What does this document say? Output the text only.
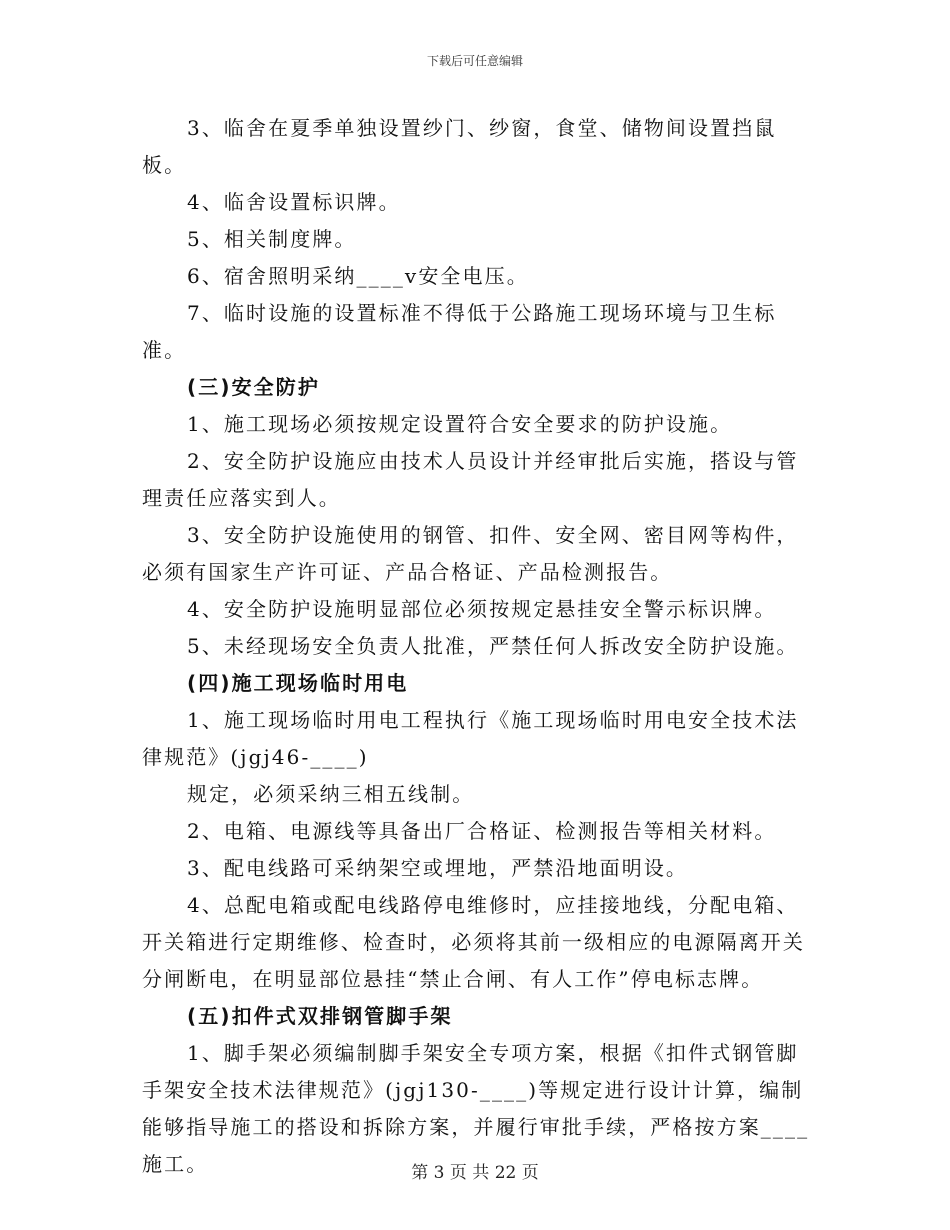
下载后可任意编辑

3、临舍在夏季单独设置纱门、纱窗，食堂、储物间设置挡鼠板。

4、临舍设置标识牌。

5、相关制度牌。

6、宿舍照明采纳____v安全电压。

7、临时设施的设置标准不得低于公路施工现场环境与卫生标准。

(三)安全防护

1、施工现场必须按规定设置符合安全要求的防护设施。

2、安全防护设施应由技术人员设计并经审批后实施，搭设与管理责任应落实到人。

3、安全防护设施使用的钢管、扣件、安全网、密目网等构件，必须有国家生产许可证、产品合格证、产品检测报告。

4、安全防护设施明显部位必须按规定悬挂安全警示标识牌。

5、未经现场安全负责人批准，严禁任何人拆改安全防护设施。

(四)施工现场临时用电

1、施工现场临时用电工程执行《施工现场临时用电安全技术法律规范》(jgj46-____)

规定，必须采纳三相五线制。

2、电箱、电源线等具备出厂合格证、检测报告等相关材料。

3、配电线路可采纳架空或埋地，严禁沿地面明设。

4、总配电箱或配电线路停电维修时，应挂接地线，分配电箱、开关箱进行定期维修、检查时，必须将其前一级相应的电源隔离开关分闸断电，在明显部位悬挂“禁止合闸、有人工作”停电标志牌。

(五)扣件式双排钢管脚手架

1、脚手架必须编制脚手架安全专项方案，根据《扣件式钢管脚手架安全技术法律规范》(jgj130-____)等规定进行设计计算，编制能够指导施工的搭设和拆除方案，并履行审批手续，严格按方案____施工。	第 3 页 共 22 页
